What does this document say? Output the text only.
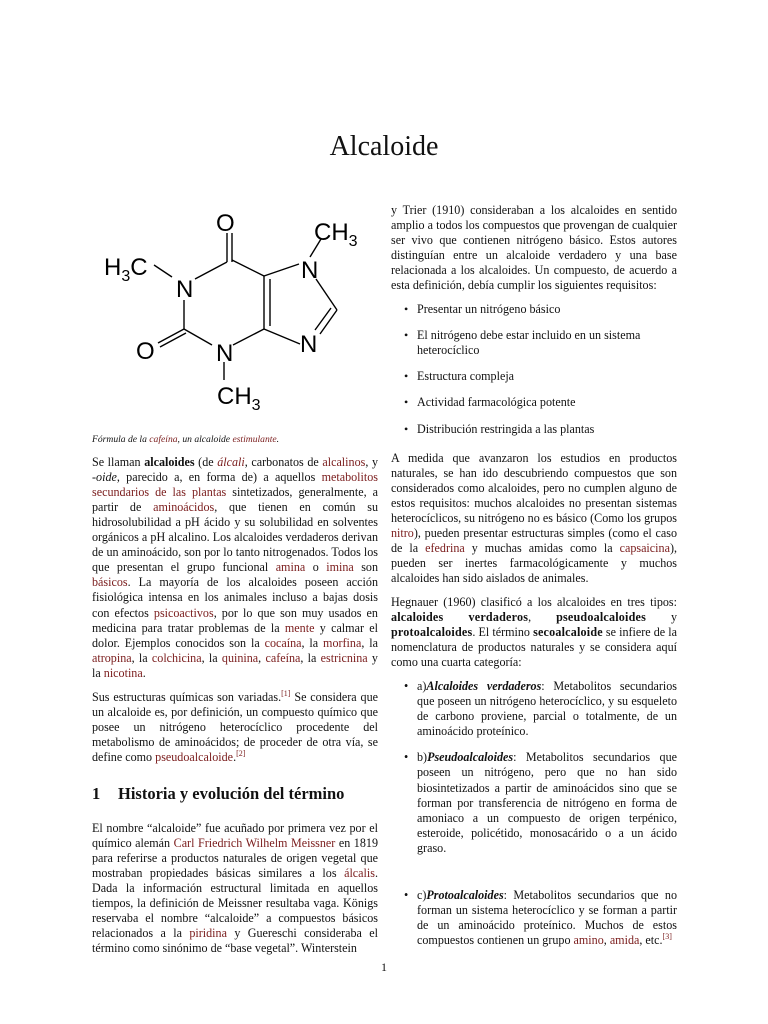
Alcaloide
O	$CH_3$
$H_3C$
N
N
O	N	N
$CH_3$

Fórmula de la cafeína, un alcaloide estimulante.

Se llaman alcaloides (de álcali, carbonatos de alcalinos, y -oide, parecido a, en forma de) a aquellos metabolitos secundarios de las plantas sintetizados, generalmente, a partir de aminoácidos, que tienen en común su hidrosolubilidad a pH ácido y su solubilidad en solventes orgánicos a pH alcalino. Los alcaloides verdaderos derivan de un aminoácido, son por lo tanto nitrogenados. Todos los que presentan el grupo funcional amina o imina son básicos. La mayoría de los alcaloides poseen acción fisiológica intensa en los animales incluso a bajas dosis con efectos psicoactivos, por lo que son muy usados en medicina para tratar problemas de la mente y calmar el dolor. Ejemplos conocidos son la cocaína, la morfina, la atropina, la colchicina, la quinina, cafeína, la estricnina y la nicotina.

Sus estructuras químicas son variadas.[1] Se considera que un alcaloide es, por definición, un compuesto químico que posee un nitrógeno heterocíclico procedente del metabolismo de aminoácidos; de proceder de otra vía, se define como pseudoalcaloide.[2]

1 Historia y evolución del término

El nombre “alcaloide” fue acuñado por primera vez por el químico alemán Carl Friedrich Wilhelm Meissner en 1819 para referirse a productos naturales de origen vegetal que mostraban propiedades básicas similares a los álcalis. Dada la información estructural limitada en aquellos tiempos, la definición de Meissner resultaba vaga. Königs reservaba el nombre “alcaloide” a compuestos básicos relacionados a la piridina y Guereschi consideraba el término como sinónimo de “base vegetal”. Winterstein

y Trier (1910) consideraban a los alcaloides en sentido amplio a todos los compuestos que provengan de cualquier ser vivo que contienen nitrógeno básico. Estos autores distinguían entre un alcaloide verdadero y una base relacionada a los alcaloides. Un compuesto, de acuerdo a esta definición, debía cumplir los siguientes requisitos:

• Presentar un nitrógeno básico
• El nitrógeno debe estar incluido en un sistema heterocíclico
• Estructura compleja
• Actividad farmacológica potente
• Distribución restringida a las plantas

A medida que avanzaron los estudios en productos naturales, se han ido descubriendo compuestos que son considerados como alcaloides, pero no cumplen alguno de estos requisitos: muchos alcaloides no presentan sistemas heterocíclicos, su nitrógeno no es básico (Como los grupos nitro), pueden presentar estructuras simples (como el caso de la efedrina y muchas amidas como la capsaicina), pueden ser inertes farmacológicamente y muchos alcaloides han sido aislados de animales.

Hegnauer (1960) clasificó a los alcaloides en tres tipos: alcaloides verdaderos, pseudoalcaloides y protoalcaloides. El término secoalcaloide se infiere de la nomenclatura de productos naturales y se considera aquí como una cuarta categoría:

• a)Alcaloides verdaderos: Metabolitos secundarios que poseen un nitrógeno heterocíclico, y su esqueleto de carbono proviene, parcial o totalmente, de un aminoácido proteínico.
• b)Pseudoalcaloides: Metabolitos secundarios que poseen un nitrógeno, pero que no han sido biosintetizados a partir de aminoácidos sino que se forman por transferencia de nitrógeno en forma de amoniaco a un compuesto de origen terpénico, esteroide, policétido, monosacárido o a un ácido graso.
• c)Protoalcaloides: Metabolitos secundarios que no forman un sistema heterocíclico y se forman a partir de un aminoácido proteínico. Muchos de estos compuestos contienen un grupo amino, amida, etc.[3]
1
